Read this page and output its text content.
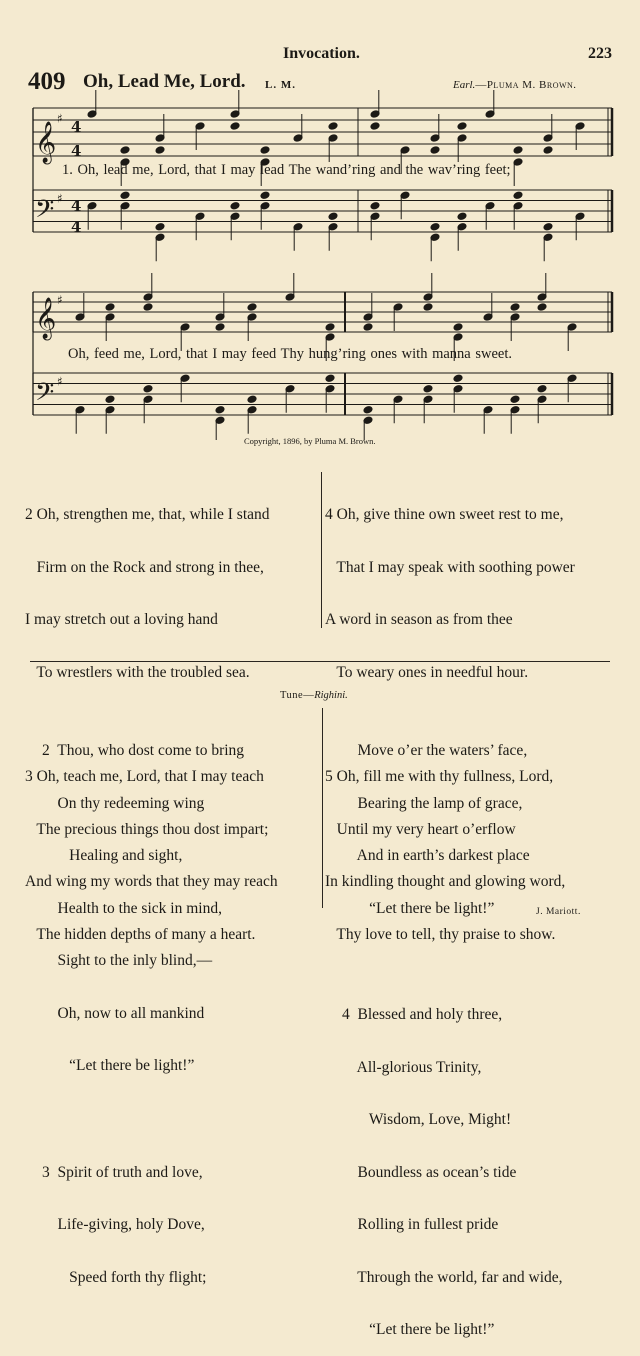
Invocation.	223
409 Oh, Lead Me, Lord. L. M.	Earl.—Pluma M. Brown.
𝄞
♯ 4
4
𝄢 ♯ 4
4
𝄞 ♯
𝄢 ♯
1. Oh, lead me, Lord, that I may lead The wand’ring and the wav’ring feet;
Oh, feed me, Lord, that I may feed Thy hung’ring ones with manna sweet.
Copyright, 1896, by Pluma M. Brown.

2 Oh, strengthen me, that, while I stand

Firm on the Rock and strong in thee,

I may stretch out a loving hand

To wrestlers with the troubled sea.

3 Oh, teach me, Lord, that I may teach

The precious things thou dost impart;

And wing my words that they may reach

The hidden depths of many a heart.

4 Oh, give thine own sweet rest to me,

That I may speak with soothing power

A word in season as from thee

To weary ones in needful hour.

5 Oh, fill me with thy fullness, Lord,

Until my very heart o’erflow

In kindling thought and glowing word,

Thy love to tell, thy praise to show.

Tune—Righini.

2  Thou, who dost come to bring

On thy redeeming wing

Healing and sight,

Health to the sick in mind,

Sight to the inly blind,—

Oh, now to all mankind

“Let there be light!”

3  Spirit of truth and love,

Life-giving, holy Dove,

Speed forth thy flight;

Move o’er the waters’ face,

Bearing the lamp of grace,

And in earth’s darkest place

“Let there be light!”

4  Blessed and holy three,

All-glorious Trinity,

Wisdom, Love, Might!

Boundless as ocean’s tide

Rolling in fullest pride

Through the world, far and wide,

“Let there be light!”

J. Mariott.
